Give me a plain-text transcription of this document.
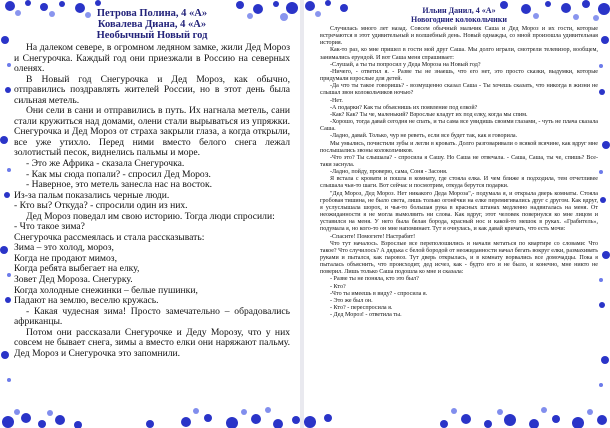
Петрова Полина, 4 «А»
Ковалева Диана, 4 «А»
Необычный Новый год

На далеком севере, в огромном ледяном замке, жили Дед Мороз и Снегурочка. Каждый год они приезжали в Россию на северных оленях.

В Новый год Снегурочка и Дед Мороз, как обычно, отправились поздравлять жителей России, но в этот день была сильная метель.

Они сели в сани и отправились в путь. Их нагнала метель, сани стали кружиться над домами, олени стали вырываться из упряжки. Снегурочка и Дед Мороз от страха закрыли глаза, а когда открыли, все уже утихло. Перед ними вместо белого снега лежал золотистый песок, виднелись пальмы и море.

- Это же Африка - сказала Снегурочка.

- Как мы сюда попали? - спросил Дед Мороз.

- Наверное, это метель занесла нас на восток.

Из-за пальм показались черные люди.

- Кто вы? Откуда? - спросили один из них.

Дед Мороз поведал им свою историю. Тогда люди спросили:

- Что такое зима?

Снегурочка рассмеялась и стала рассказывать:

Зима – это холод, мороз,

Когда не продают мимоз,

Когда ребята выбегает на елку,

Зовет Дед Мороза. Снегурку.

Когда холодные снежинки – белые пушинки,

Падают на землю, веселю кружась.

- Какая чудесная зима! Просто замечательно – обрадовались африканцы.

Потом они рассказали Снегурочке и Деду Морозу, что у них совсем не бывает снега, зимы а вместо елки они наряжают пальму. Дед Мороз и Снегурочка это запомнили.

Ильин Данил, 4 «А»
Новогодние колокольчики

Случилась много лет назад. Совсем обычный мальчик Саша и Дед Мороз и их гости, которые встречаются в этот удивительный и волшебный день. Новый однажды, со мной произошла удивительная история.

Как-то раз, ко мне пришел в гости мой друг Саша. Мы долго играли, смотрели телевизор, вообщем, занимались ерундой. И вот Саша меня спрашивает:

-Слушай, а ты ты попросил у Деда Мороза на Новый год?

-Ничего, - ответил я. - Разве ты не знаешь, что его нет, это просто сказки, выдумки, которые придумали взрослые для детей.

-Да что ты такое говоришь? - возмущенно сказал Саша - Ты хочешь сказать, что никогда в жизни не слышал звон колокольчиков ночью?

-Нет.

-А подарки? Как ты объяснишь их появление под елкой?

-Как? Как? Ты че, маленький? Взрослые кладут их под елку, когда мы спим.

-Хорошо, тогда давай сегодня не спать, и ты сама все увидишь своими глазами, - чуть не плача сказала Саша.

-Ладно, давай. Только, чур не реветь, если все будет так, как я говорила.

Мы умылись, почистили зубы и легли в кровать. Долго разговаривали о всякой всячине, как вдруг мне послышались звоны колокольчиков.

-Что это? Ты слышала? - спросила я Сашу. Но Саша не отвечала. - Саша, Саша, ты че, спишь? Все-таки заснула.

-Ладно, пойду, проверю, сама, Соня - Засоня.

Я встала с кровати и пошла в комнату, где стояла елка. И чем ближе я подходила, тем отчетливее слышала чьи-то шаги. Вот сейчас и посмотрим, откуда берутся подарки.

"Дед Мороз, Дед Мороз. Нет никакого Деда Мороза",- подумала я, и открыла дверь комнаты. Стояла гробовая тишина, не было света, лишь только огонёчки на елке перемигивались друг с другом. Как вдруг, я услуслышала шорох, и чья-то большая рука в красных штанах медленно надвигалась на меня. От неожиданности я не могла вымолвить ни слова. Как вдруг, этот человек повернулся ко мне лицом и уставился на меня. У него была белая борода, красный нос и какой-то мешок в руках. «Грабитель», подумала я, но кого-то он мне напоминает. Тут я очнулась, и как давай кричать, что есть мочи:

-Спасите! Помогите! Настрабит!

Что тут началось. Взрослые все переполошились и начали метаться по квартире со словами: Что такое? Что случилось? А дядька с белой бородой от неожиданности начал бегать вокруг елки, размахивать руками и пытался, как паровоз. Тут дверь открылась, и в комнату ворвались все домочадцы. Пока я пыталась объяснить, что происходит, дед исчез, как - будто его и не было, и конечно, мне никто не поверил. Лишь только Саша подошла ко мне и сказала:

- Разве ты не поняла, кто это был?

- Кто?

-Что ты имеешь в виду? - спросила я.

- Это же был он.

- Кто? - переспросила я.

- Дед Мороз! - ответила ты.
